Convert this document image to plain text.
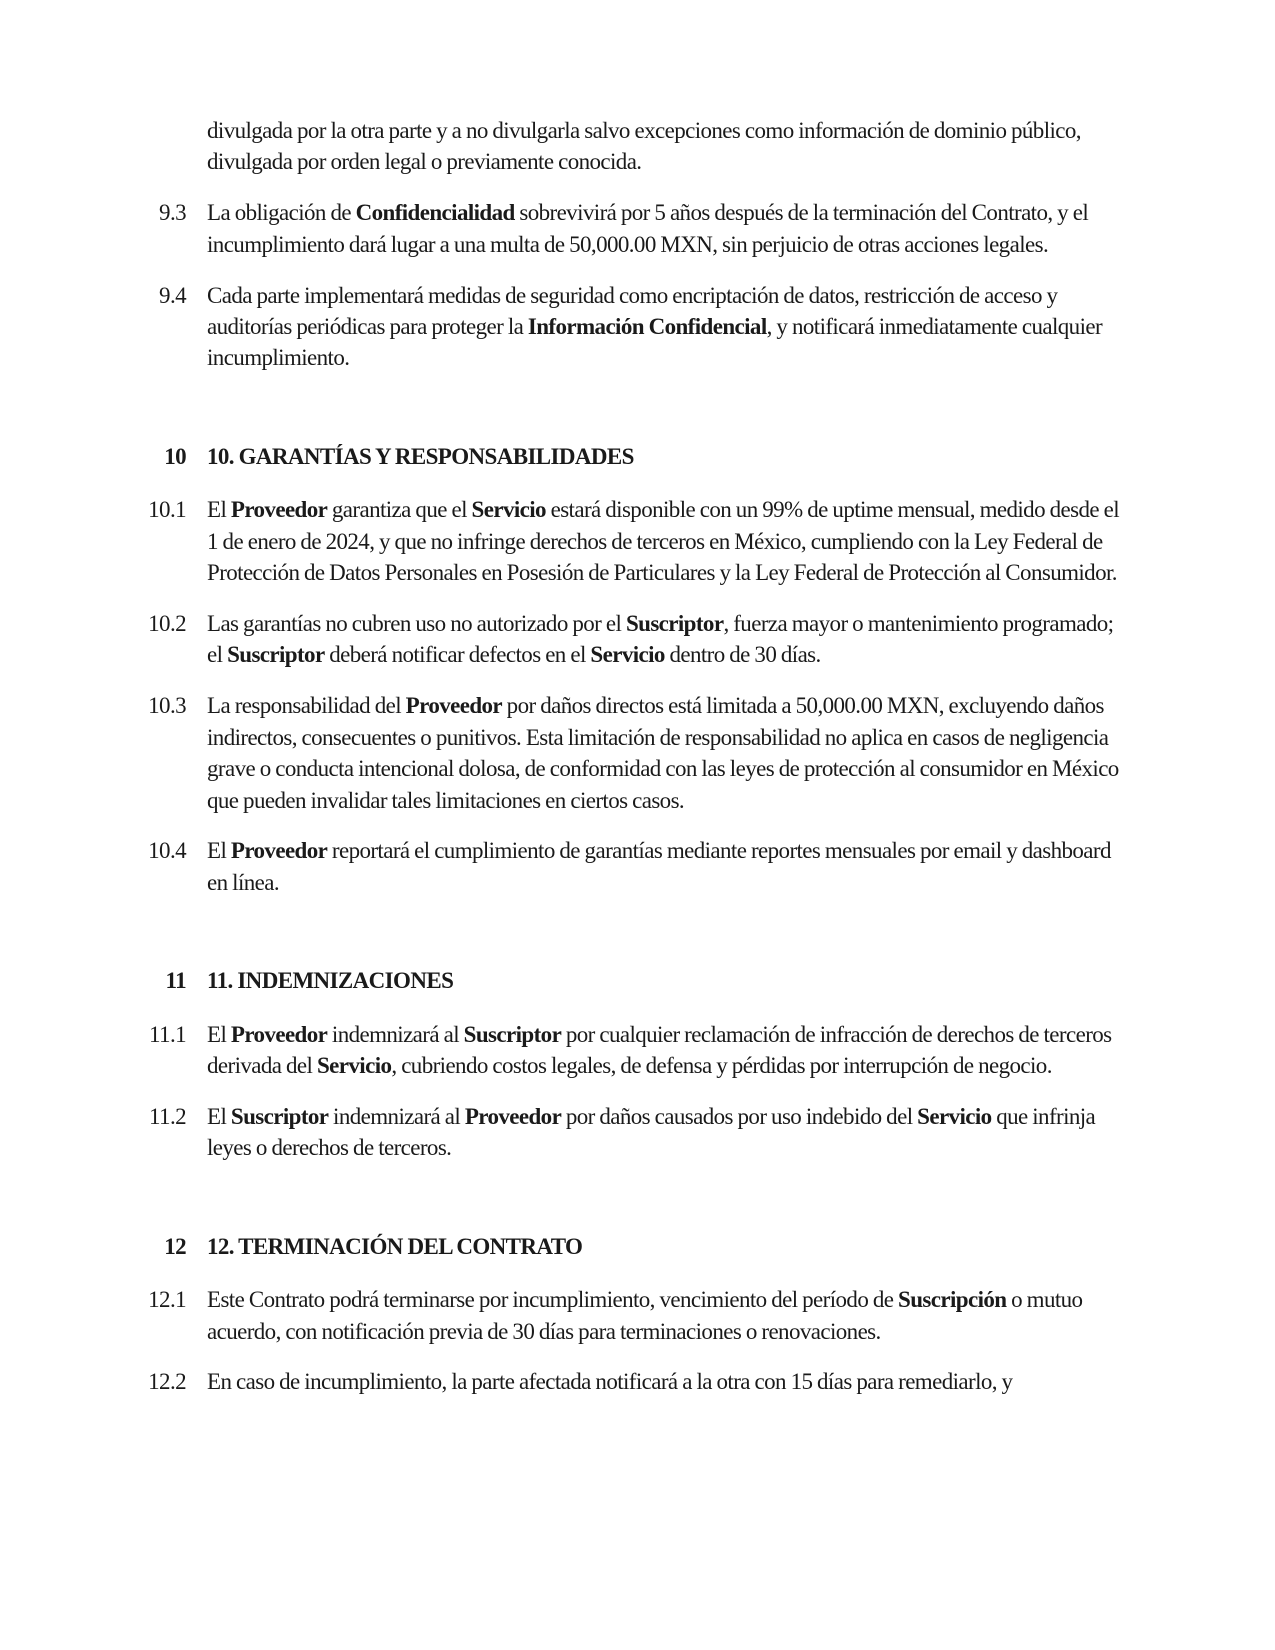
divulgada por la otra parte y a no divulgarla salvo excepciones como información de dominio público, divulgada por orden legal o previamente conocida.
9.3 La obligación de Confidencialidad sobrevivirá por 5 años después de la terminación del Contrato, y el incumplimiento dará lugar a una multa de 50,000.00 MXN, sin perjuicio de otras acciones legales.
9.4 Cada parte implementará medidas de seguridad como encriptación de datos, restricción de acceso y auditorías periódicas para proteger la Información Confidencial, y notificará inmediatamente cualquier incumplimiento.
10 10. GARANTÍAS Y RESPONSABILIDADES
10.1 El Proveedor garantiza que el Servicio estará disponible con un 99% de uptime mensual, medido desde el 1 de enero de 2024, y que no infringe derechos de terceros en México, cumpliendo con la Ley Federal de Protección de Datos Personales en Posesión de Particulares y la Ley Federal de Protección al Consumidor.
10.2 Las garantías no cubren uso no autorizado por el Suscriptor, fuerza mayor o mantenimiento programado; el Suscriptor deberá notificar defectos en el Servicio dentro de 30 días.
10.3 La responsabilidad del Proveedor por daños directos está limitada a 50,000.00 MXN, excluyendo daños indirectos, consecuentes o punitivos. Esta limitación de responsabilidad no aplica en casos de negligencia grave o conducta intencional dolosa, de conformidad con las leyes de protección al consumidor en México que pueden invalidar tales limitaciones en ciertos casos.
10.4 El Proveedor reportará el cumplimiento de garantías mediante reportes mensuales por email y dashboard en línea.
11 11. INDEMNIZACIONES
11.1 El Proveedor indemnizará al Suscriptor por cualquier reclamación de infracción de derechos de terceros derivada del Servicio, cubriendo costos legales, de defensa y pérdidas por interrupción de negocio.
11.2 El Suscriptor indemnizará al Proveedor por daños causados por uso indebido del Servicio que infrinja leyes o derechos de terceros.
12 12. TERMINACIÓN DEL CONTRATO
12.1 Este Contrato podrá terminarse por incumplimiento, vencimiento del período de Suscripción o mutuo acuerdo, con notificación previa de 30 días para terminaciones o renovaciones.
12.2 En caso de incumplimiento, la parte afectada notificará a la otra con 15 días para remediarlo, y
